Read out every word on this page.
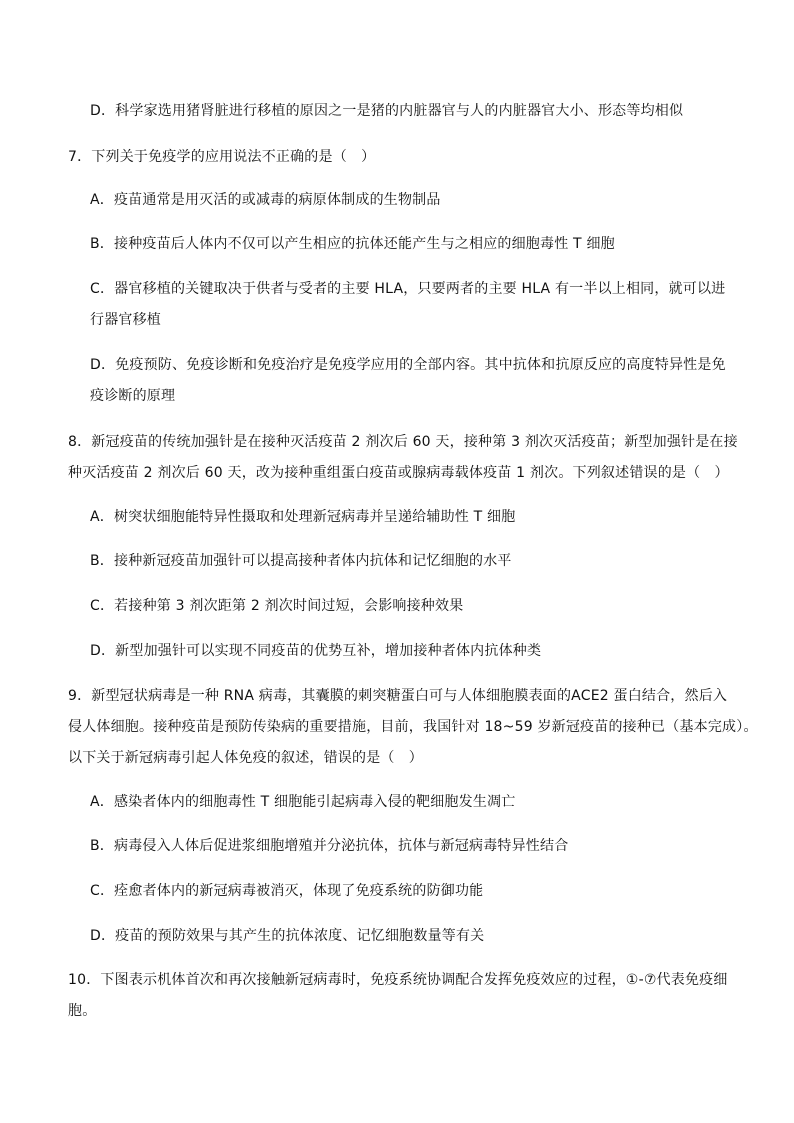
D．科学家选用猪肾脏进行移植的原因之一是猪的内脏器官与人的内脏器官大小、形态等均相似
7．下列关于免疫学的应用说法不正确的是（　）
A．疫苗通常是用灭活的或减毒的病原体制成的生物制品
B．接种疫苗后人体内不仅可以产生相应的抗体还能产生与之相应的细胞毒性 T 细胞
C．器官移植的关键取决于供者与受者的主要 HLA，只要两者的主要 HLA 有一半以上相同，就可以进
行器官移植
D．免疫预防、免疫诊断和免疫治疗是免疫学应用的全部内容。其中抗体和抗原反应的高度特异性是免
疫诊断的原理
8．新冠疫苗的传统加强针是在接种灭活疫苗 2 剂次后 60 天，接种第 3 剂次灭活疫苗；新型加强针是在接
种灭活疫苗 2 剂次后 60 天，改为接种重组蛋白疫苗或腺病毒载体疫苗 1 剂次。下列叙述错误的是（　）
A．树突状细胞能特异性摄取和处理新冠病毒并呈递给辅助性 T 细胞
B．接种新冠疫苗加强针可以提高接种者体内抗体和记忆细胞的水平
C．若接种第 3 剂次距第 2 剂次时间过短，会影响接种效果
D．新型加强针可以实现不同疫苗的优势互补，增加接种者体内抗体种类
9．新型冠状病毒是一种 RNA 病毒，其囊膜的刺突糖蛋白可与人体细胞膜表面的ACE2 蛋白结合，然后入
侵人体细胞。接种疫苗是预防传染病的重要措施，目前，我国针对 18~59 岁新冠疫苗的接种已（基本完成）。
以下关于新冠病毒引起人体免疫的叙述，错误的是（　）
A．感染者体内的细胞毒性 T 细胞能引起病毒入侵的靶细胞发生凋亡
B．病毒侵入人体后促进浆细胞增殖并分泌抗体，抗体与新冠病毒特异性结合
C．痊愈者体内的新冠病毒被消灭，体现了免疫系统的防御功能
D．疫苗的预防效果与其产生的抗体浓度、记忆细胞数量等有关
10．下图表示机体首次和再次接触新冠病毒时，免疫系统协调配合发挥免疫效应的过程，①-⑦代表免疫细
胞。
